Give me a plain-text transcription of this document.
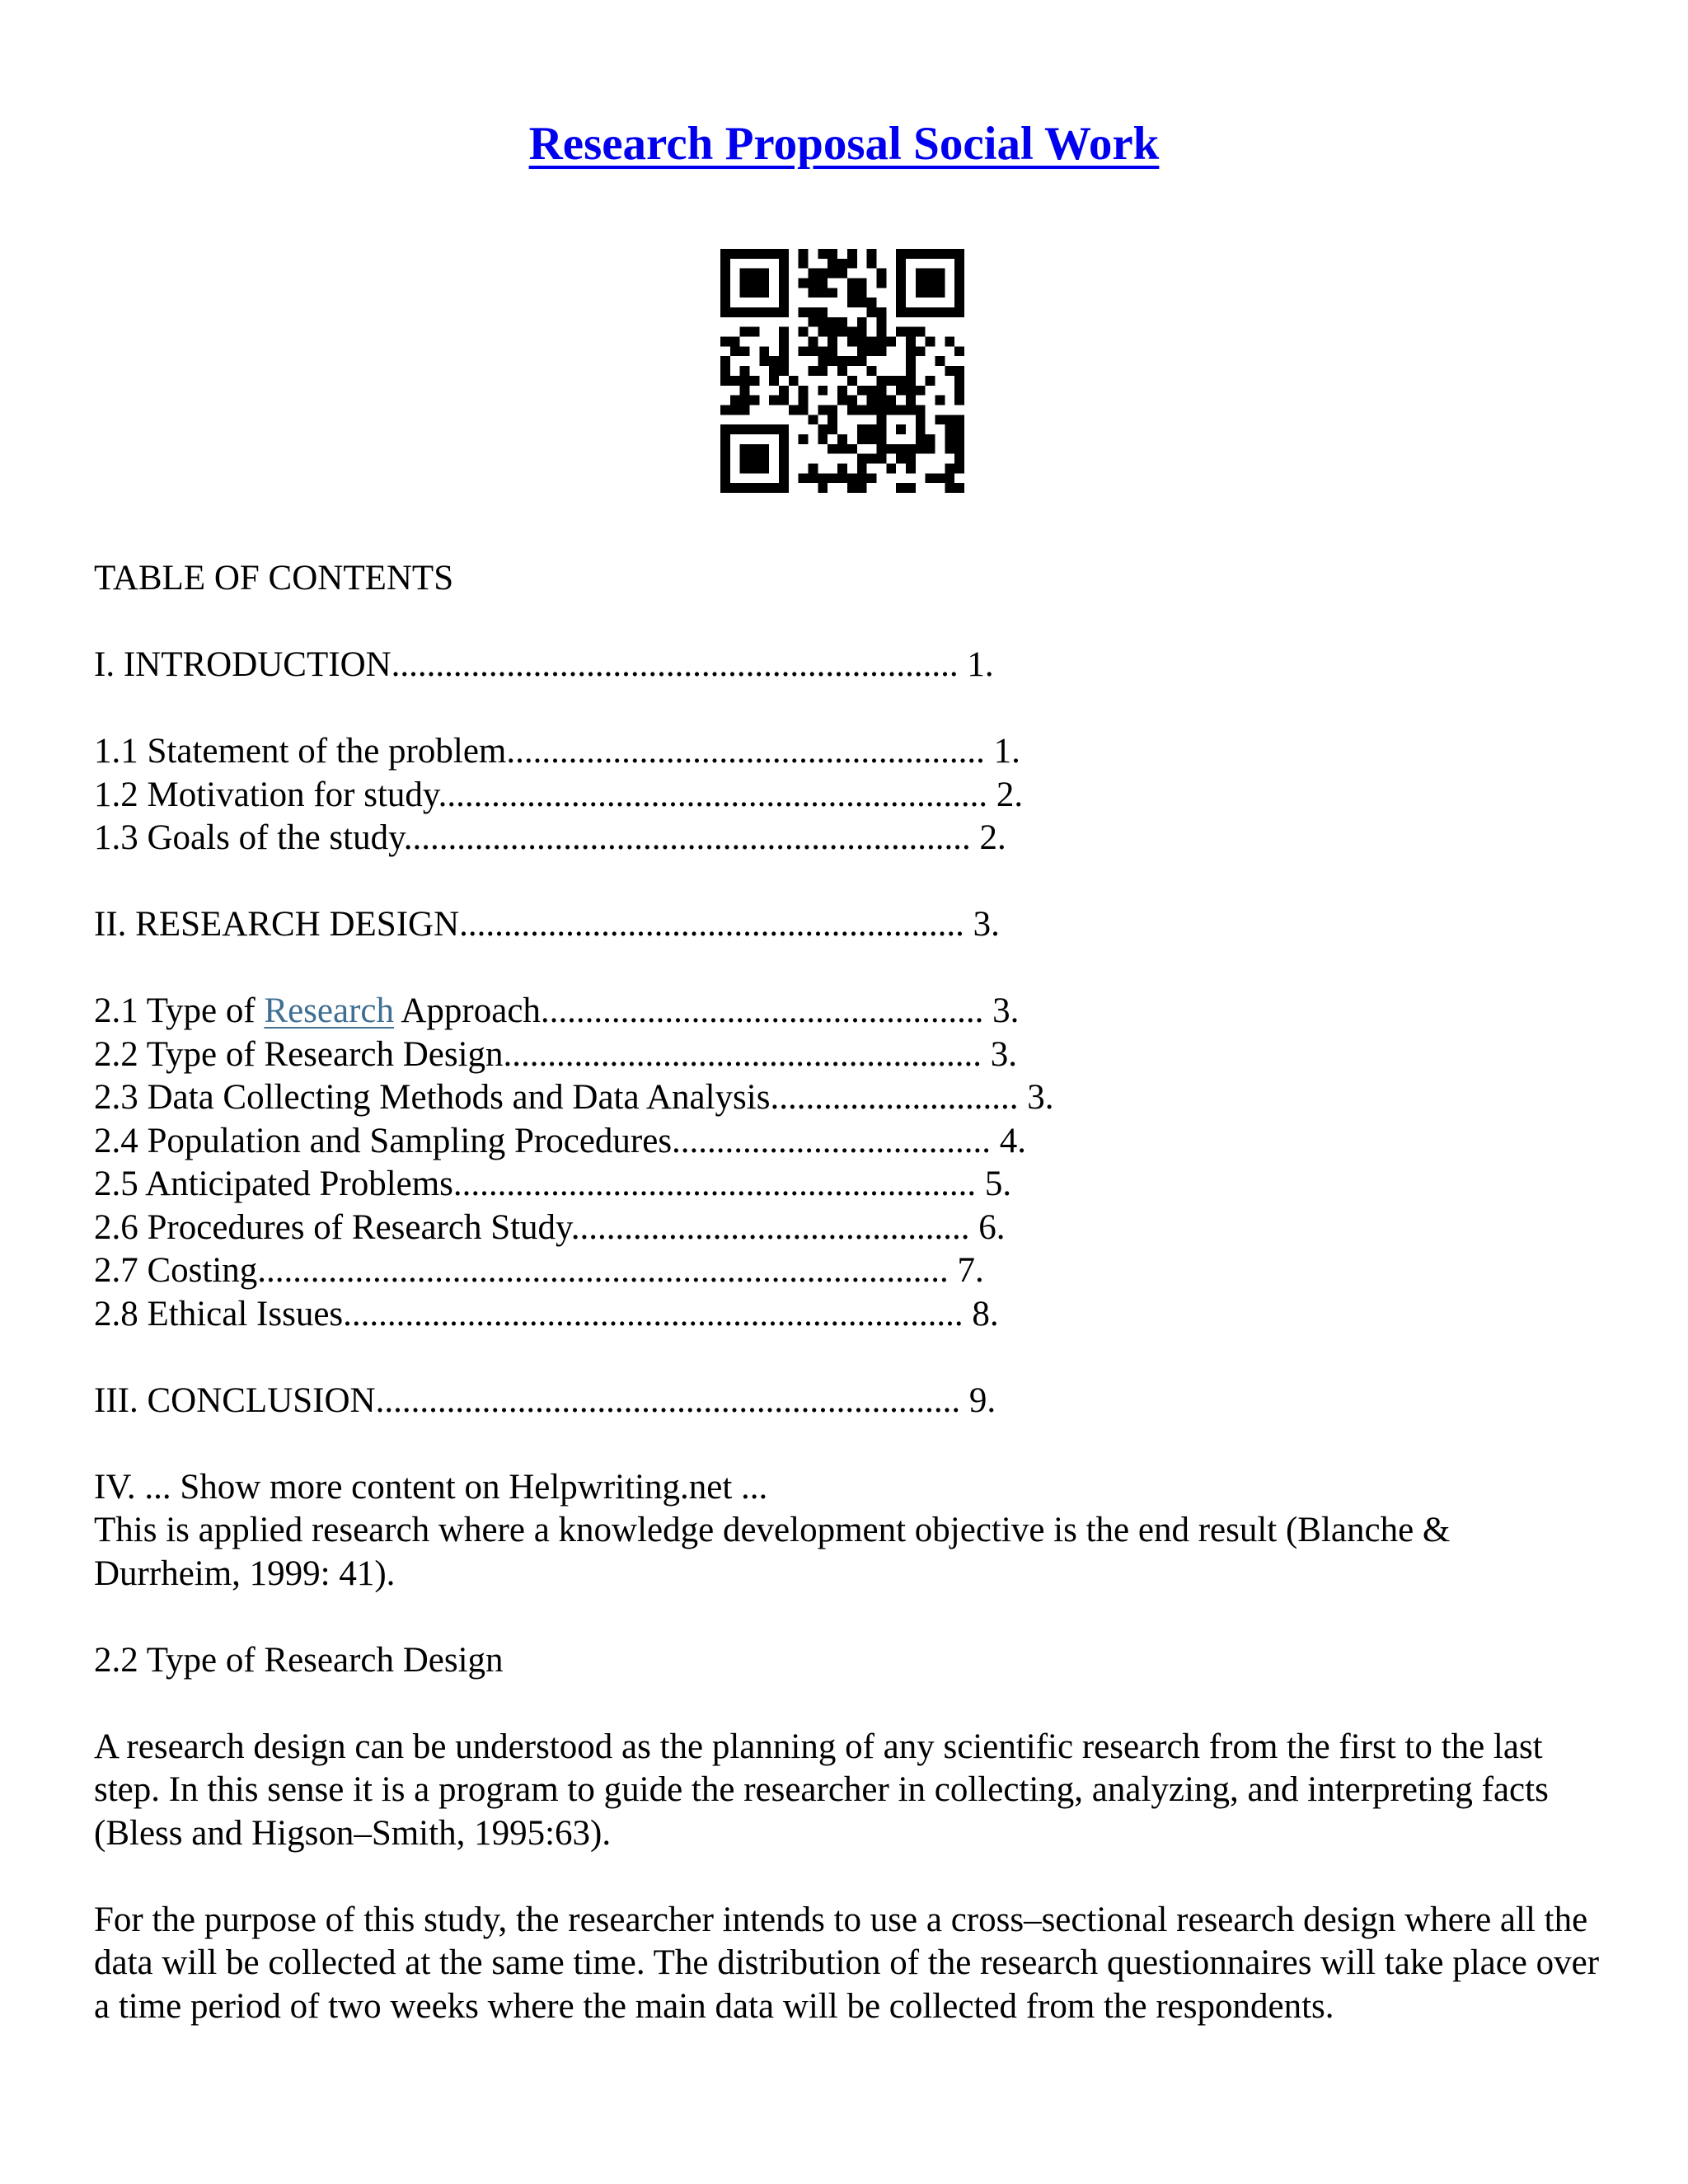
Research Proposal Social Work

TABLE OF CONTENTS

I. INTRODUCTION................................................................ 1.

1.1 Statement of the problem...................................................... 1.

1.2 Motivation for study.............................................................. 2.

1.3 Goals of the study................................................................ 2.

II. RESEARCH DESIGN......................................................... 3.

2.1 Type of Research Approach.................................................. 3.

2.2 Type of Research Design...................................................... 3.

2.3 Data Collecting Methods and Data Analysis............................ 3.

2.4 Population and Sampling Procedures.................................... 4.

2.5 Anticipated Problems........................................................... 5.

2.6 Procedures of Research Study............................................. 6.

2.7 Costing.............................................................................. 7.

2.8 Ethical Issues...................................................................... 8.

III. CONCLUSION.................................................................. 9.

IV. ... Show more content on Helpwriting.net ...

This is applied research where a knowledge development objective is the end result (Blanche & Durrheim, 1999: 41).

2.2 Type of Research Design

A research design can be understood as the planning of any scientific research from the first to the last step. In this sense it is a program to guide the researcher in collecting, analyzing, and interpreting facts (Bless and Higson–Smith, 1995:63).

For the purpose of this study, the researcher intends to use a cross–sectional research design where all the data will be collected at the same time. The distribution of the research questionnaires will take place over a time period of two weeks where the main data will be collected from the respondents.
